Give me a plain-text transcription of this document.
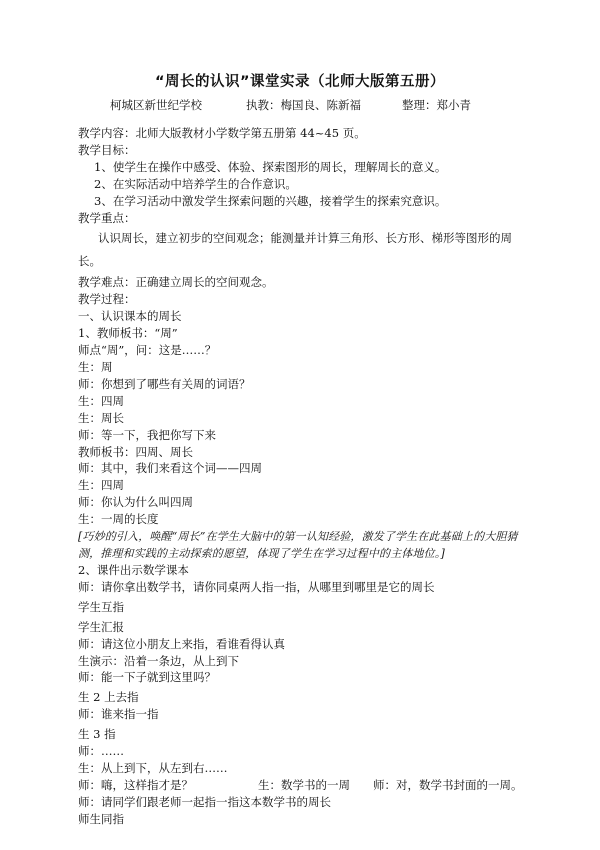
“周长的认识”课堂实录（北师大版第五册）
柯城区新世纪学校	执教：梅国良、陈新福	整理：郑小青
教学内容：北师大版教材小学数学第五册第 44~45 页。
教学目标：
1、使学生在操作中感受、体验、探索图形的周长，理解周长的意义。
2、在实际活动中培养学生的合作意识。
3、在学习活动中激发学生探索问题的兴趣，接着学生的探索究意识。
教学重点：
认识周长，建立初步的空间观念；能测量并计算三角形、长方形、梯形等图形的周长。
教学难点：正确建立周长的空间观念。
教学过程：
一、认识课本的周长
1、教师板书：“周”
师点“周”，问：这是……？
生：周
师：你想到了哪些有关周的词语？
生：四周
生：周长
师：等一下，我把你写下来
教师板书：四周、周长
师：其中，我们来看这个词——四周
生：四周
师：你认为什么叫四周
生：一周的长度
[巧妙的引入，唤醒“周长”在学生大脑中的第一认知经验，激发了学生在此基础上的大胆猜测，推理和实践的主动探索的愿望，体现了学生在学习过程中的主体地位。]
2、课件出示数学课本
师：请你拿出数学书，请你同桌两人指一指，从哪里到哪里是它的周长
学生互指
学生汇报
师：请这位小朋友上来指，看谁看得认真
生演示：沿着一条边，从上到下
师：能一下子就到这里吗？
生 2 上去指
师：谁来指一指
生 3 指
师：……
生：从上到下，从左到右……
师：嗨，这样指才是？	生：数学书的一周 师：对，数学书封面的一周。
师：请同学们跟老师一起指一指这本数学书的周长
师生同指
